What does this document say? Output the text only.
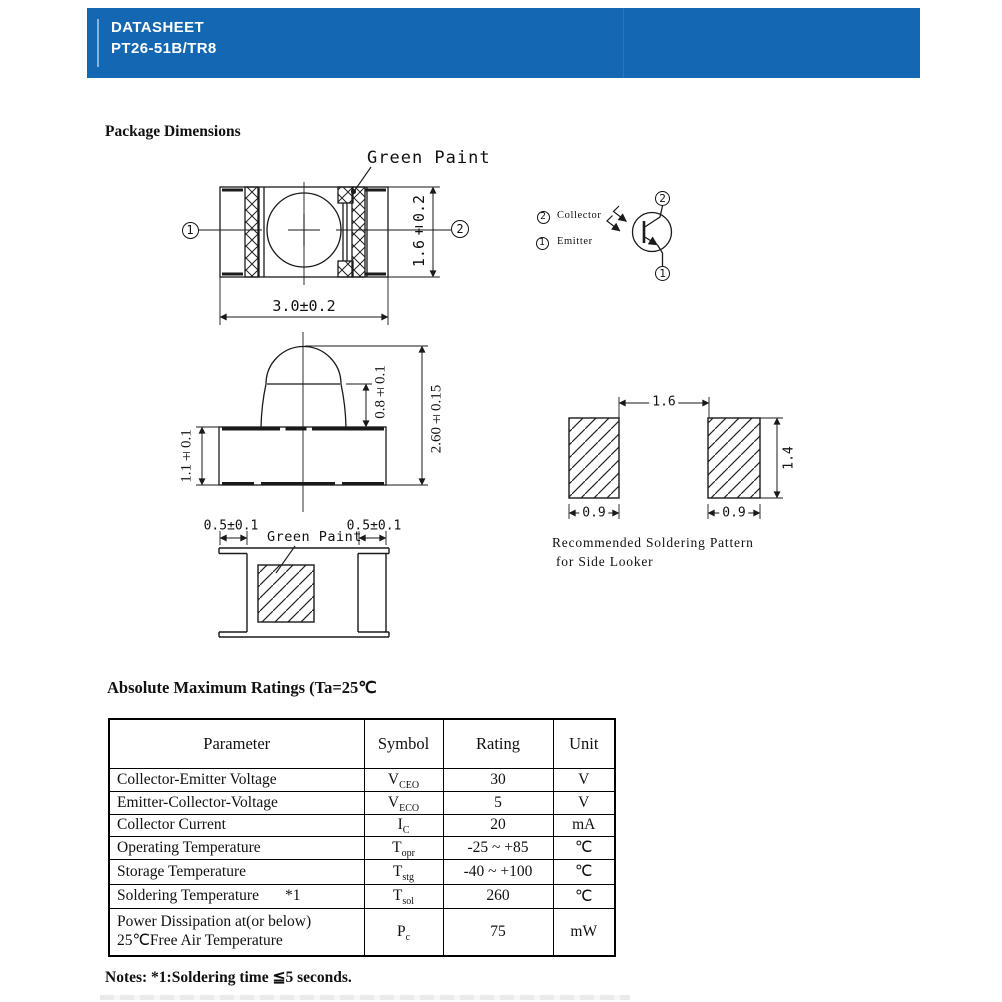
DATASHEET
PT26-51B/TR8
Package Dimensions
Absolute Maximum Ratings (Ta=25℃
Notes: *1:Soldering time ≦5 seconds.
Green Paint
1	2
1.6±0.2
3.0±0.2
2	Collector
1	Emitter
2
1
1.1±0.1
0.8±0.1	2.60±0.15
0.5±0.1	0.5±0.1
Green Paint
1.6
1.4
0.9	0.9
Recommended Soldering Pattern
for Side Looker
Parameter	Symbol	Rating	Unit
Collector-Emitter Voltage	$V_{CEO}$	30	V
Emitter-Collector-Voltage	$V_{ECO}$	5	V
Collector Current	$I_C$	20	mA
Operating Temperature	$T_{opr}$	-25 ~ +85	℃
Storage Temperature	$T_{stg}$	-40 ~ +100	℃
Soldering Temperature *1	$T_{sol}$	260	℃

Power Dissipation at(or below)
25℃Free Air Temperature	$P_c$	75	mW
